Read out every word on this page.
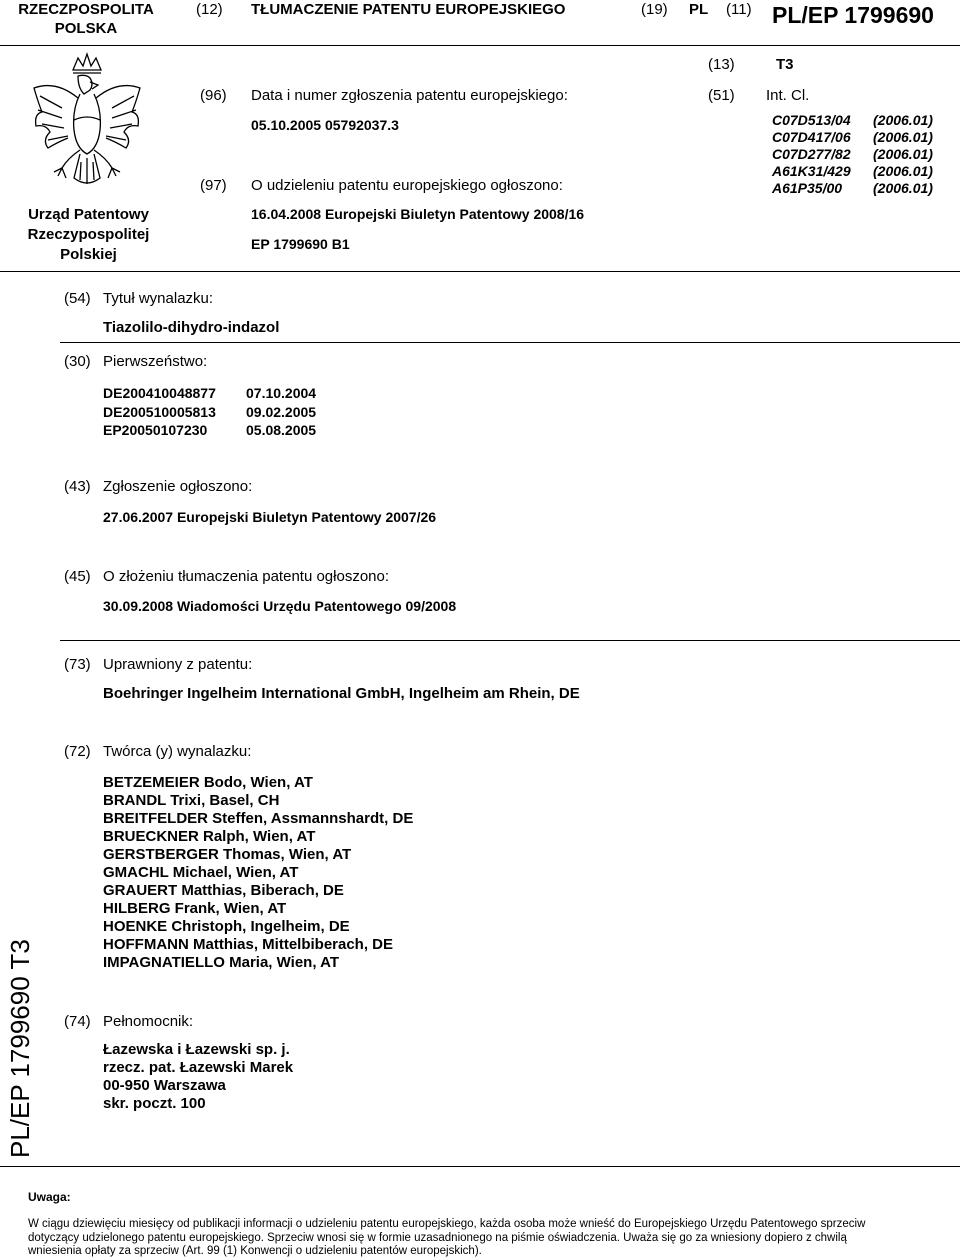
RZECZPOSPOLITA
POLSKA
(12) TŁUMACZENIE PATENTU EUROPEJSKIEGO	(19) PL (11) PL/EP 1799690
Urząd Patentowy
Rzeczypospolitej
Polskiej
(96) Data i numer zgłoszenia patentu europejskiego:
05.10.2005 05792037.3
(97) O udzieleniu patentu europejskiego ogłoszono:
16.04.2008 Europejski Biuletyn Patentowy 2008/16
EP 1799690 B1
(13)	T3
(51) Int. Cl.
C07D513/04
C07D417/06
C07D277/82
A61K31/429
A61P35/00
(2006.01)
(2006.01)
(2006.01)
(2006.01)
(2006.01)
(54) Tytuł wynalazku:
Tiazolilo-dihydro-indazol
(30) Pierwszeństwo:
DE200410048877
DE200510005813
EP20050107230
07.10.2004
09.02.2005
05.08.2005
(43) Zgłoszenie ogłoszono:
27.06.2007 Europejski Biuletyn Patentowy 2007/26
(45) O złożeniu tłumaczenia patentu ogłoszono:
30.09.2008 Wiadomości Urzędu Patentowego 09/2008
(73) Uprawniony z patentu:
Boehringer Ingelheim International GmbH, Ingelheim am Rhein, DE
(72) Twórca (y) wynalazku:
BETZEMEIER Bodo, Wien, AT
BRANDL Trixi, Basel, CH
BREITFELDER Steffen, Assmannshardt, DE
BRUECKNER Ralph, Wien, AT
GERSTBERGER Thomas, Wien, AT
GMACHL Michael, Wien, AT
GRAUERT Matthias, Biberach, DE
HILBERG Frank, Wien, AT
HOENKE Christoph, Ingelheim, DE
HOFFMANN Matthias, Mittelbiberach, DE
IMPAGNATIELLO Maria, Wien, AT
(74) Pełnomocnik:
Łazewska i Łazewski sp. j.
rzecz. pat. Łazewski Marek
00-950 Warszawa
skr. poczt. 100
PL/EP 1799690 T3
Uwaga:
W ciągu dziewięciu miesięcy od publikacji informacji o udzieleniu patentu europejskiego, każda osoba może wnieść do Europejskiego Urzędu Patentowego sprzeciw
dotyczący udzielonego patentu europejskiego. Sprzeciw wnosi się w formie uzasadnionego na piśmie oświadczenia. Uważa się go za wniesiony dopiero z chwilą
wniesienia opłaty za sprzeciw (Art. 99 (1) Konwencji o udzieleniu patentów europejskich).
